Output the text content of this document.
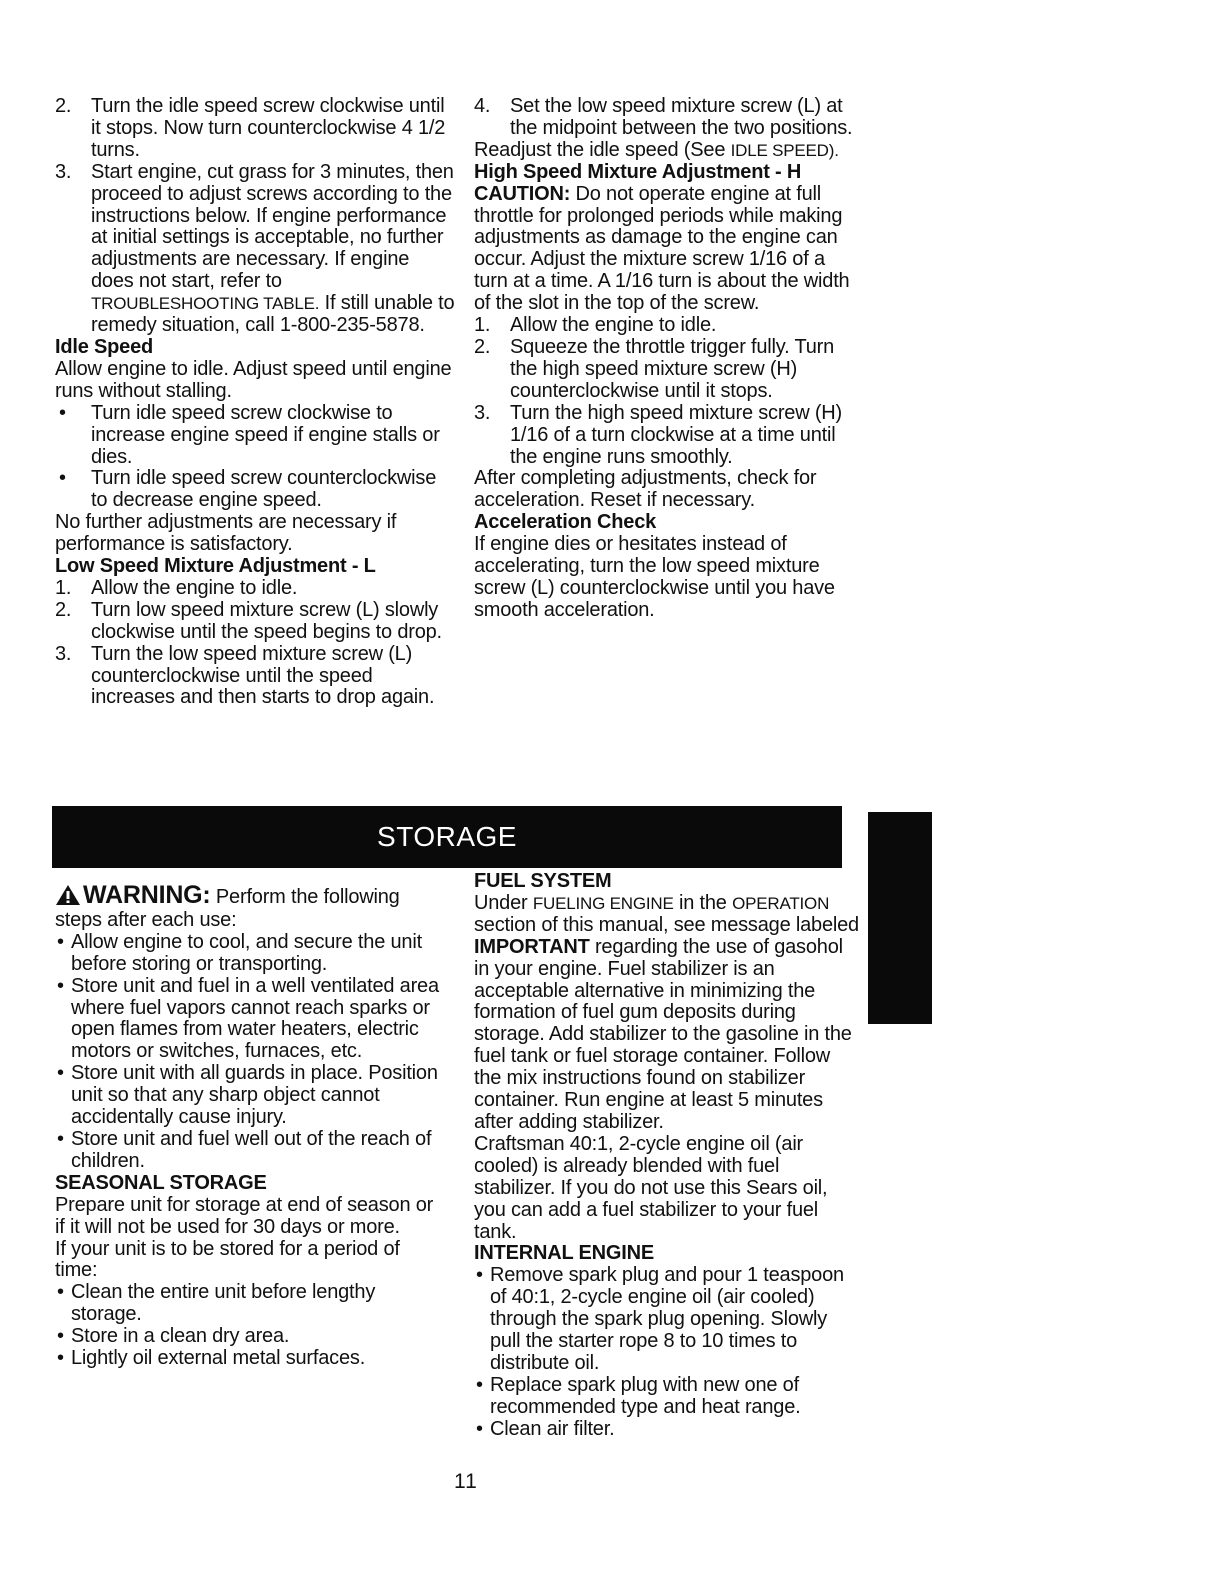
2. Turn the idle speed screw clockwise until it stops. Now turn counterclockwise 4 1/2 turns.
3. Start engine, cut grass for 3 minutes, then proceed to adjust screws according to the instructions below. If engine performance at initial settings is acceptable, no further adjustments are necessary. If engine does not start, refer to TROUBLESHOOTING TABLE. If still unable to remedy situation, call 1-800-235-5878.

Idle Speed

Allow engine to idle. Adjust speed until engine runs without stalling.

• Turn idle speed screw clockwise to increase engine speed if engine stalls or dies.
• Turn idle speed screw counterclockwise to decrease engine speed.

No further adjustments are necessary if performance is satisfactory.

Low Speed Mixture Adjustment - L

1. Allow the engine to idle.
2. Turn low speed mixture screw (L) slowly clockwise until the speed begins to drop.
3. Turn the low speed mixture screw (L) counterclockwise until the speed increases and then starts to drop again.
4. Set the low speed mixture screw (L) at the midpoint between the two positions.

Readjust the idle speed (See IDLE SPEED).

High Speed Mixture Adjustment - H

CAUTION: Do not operate engine at full throttle for prolonged periods while making adjustments as damage to the engine can occur. Adjust the mixture screw 1/16 of a turn at a time. A 1/16 turn is about the width of the slot in the top of the screw.

1. Allow the engine to idle.
2. Squeeze the throttle trigger fully. Turn the high speed mixture screw (H) counterclockwise until it stops.
3. Turn the high speed mixture screw (H) 1/16 of a turn clockwise at a time until the engine runs smoothly.

After completing adjustments, check for acceleration. Reset if necessary.

Acceleration Check

If engine dies or hesitates instead of accelerating, turn the low speed mixture screw (L) counterclockwise until you have smooth acceleration.

STORAGE

WARNING: Perform the following steps after each use:

• Allow engine to cool, and secure the unit before storing or transporting.
• Store unit and fuel in a well ventilated area where fuel vapors cannot reach sparks or open flames from water heaters, electric motors or switches, furnaces, etc.
• Store unit with all guards in place. Position unit so that any sharp object cannot accidentally cause injury.
• Store unit and fuel well out of the reach of children.

SEASONAL STORAGE

Prepare unit for storage at end of season or if it will not be used for 30 days or more.

If your unit is to be stored for a period of time:

• Clean the entire unit before lengthy storage.
• Store in a clean dry area.
• Lightly oil external metal surfaces.

FUEL SYSTEM

Under FUELING ENGINE in the OPERATION section of this manual, see message labeled IMPORTANT regarding the use of gasohol in your engine. Fuel stabilizer is an acceptable alternative in minimizing the formation of fuel gum deposits during storage. Add stabilizer to the gasoline in the fuel tank or fuel storage container. Follow the mix instructions found on stabilizer container. Run engine at least 5 minutes after adding stabilizer.

Craftsman 40:1, 2-cycle engine oil (air cooled) is already blended with fuel stabilizer. If you do not use this Sears oil, you can add a fuel stabilizer to your fuel tank.

INTERNAL ENGINE

• Remove spark plug and pour 1 teaspoon of 40:1, 2-cycle engine oil (air cooled) through the spark plug opening. Slowly pull the starter rope 8 to 10 times to distribute oil.
• Replace spark plug with new one of recommended type and heat range.
• Clean air filter.
11
